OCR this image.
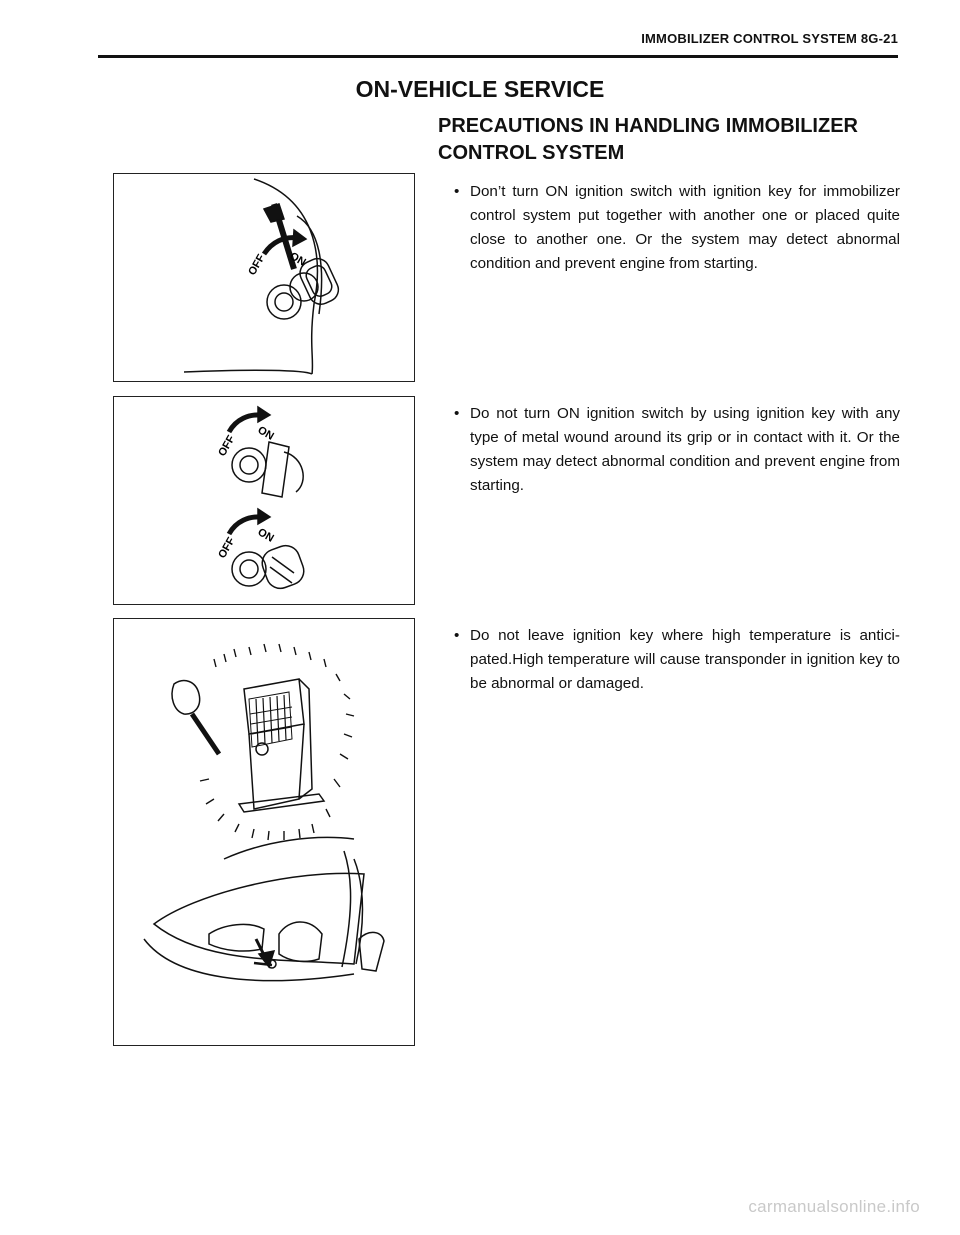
IMMOBILIZER CONTROL SYSTEM 8G-21
ON-VEHICLE SERVICE
PRECAUTIONS IN HANDLING IMMOBILIZER CONTROL SYSTEM
OFF ON
• Don’t turn ON ignition switch with ignition key for immobilizer control system put together with another one or placed quite close to another one. Or the system may detect abnormal condition and prevent engine from starting.
OFF ON
OFF ON
• Do not turn ON ignition switch by using ignition key with any type of metal wound around its grip or in contact with it. Or the system may detect abnormal condition and prevent engine from starting.
• Do not leave ignition key where high temperature is antici-pated.High temperature will cause transponder in ignition key to be abnormal or damaged.
carmanualsonline.info
